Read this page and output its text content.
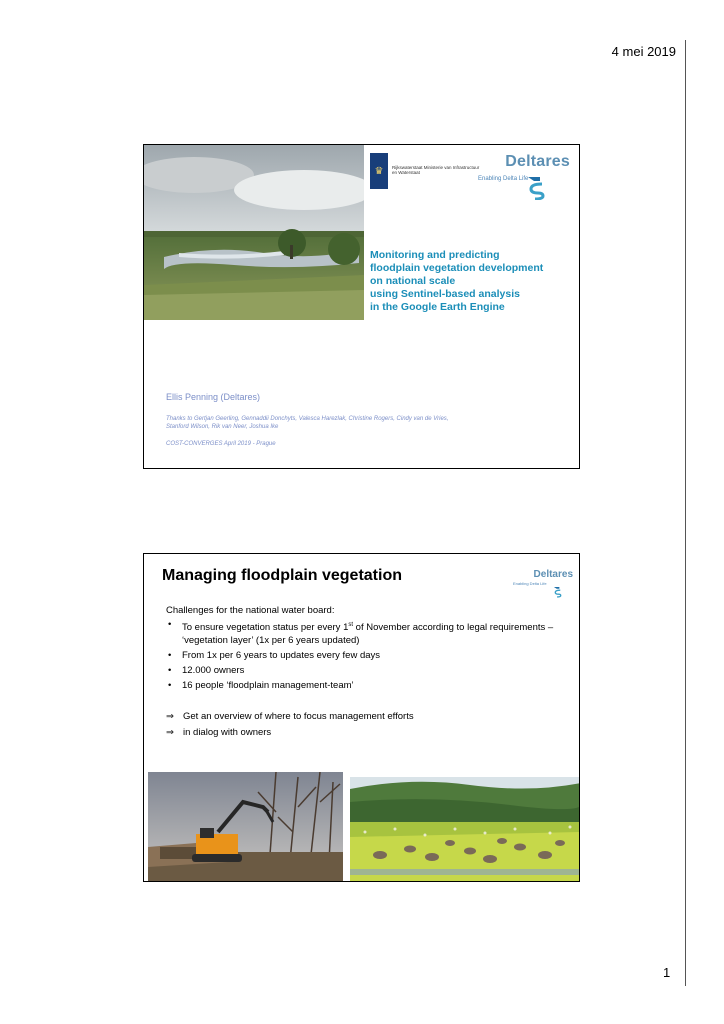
4 mei 2019
1
♛	Rijkswaterstaat Ministerie van Infrastructuur en Waterstaat
Deltares
Enabling Delta Life
Monitoring and predicting
floodplain vegetation development
on national scale
using Sentinel-based analysis
in the Google Earth Engine
Ellis Penning (Deltares)
Thanks to Gertjan Geerling, Gennaddii Donchyts, Valesca Harezlak, Christine Rogers, Cindy van de Vries, Stanford Wilson, Rik van Neer, Joshua Ike
COST-CONVERGES April 2019 - Prague
Managing floodplain vegetation	Deltares
Enabling Delta Life
Challenges for the national water board:
• To ensure vegetation status per every 1st of November according to legal requirements – ‘vegetation layer’ (1x per 6 years updated)
• From 1x per 6 years to updates every few days
• 12.000 owners
• 16 people ‘floodplain management-team’
⇒ Get an overview of where to focus management efforts
⇒ in dialog with owners
